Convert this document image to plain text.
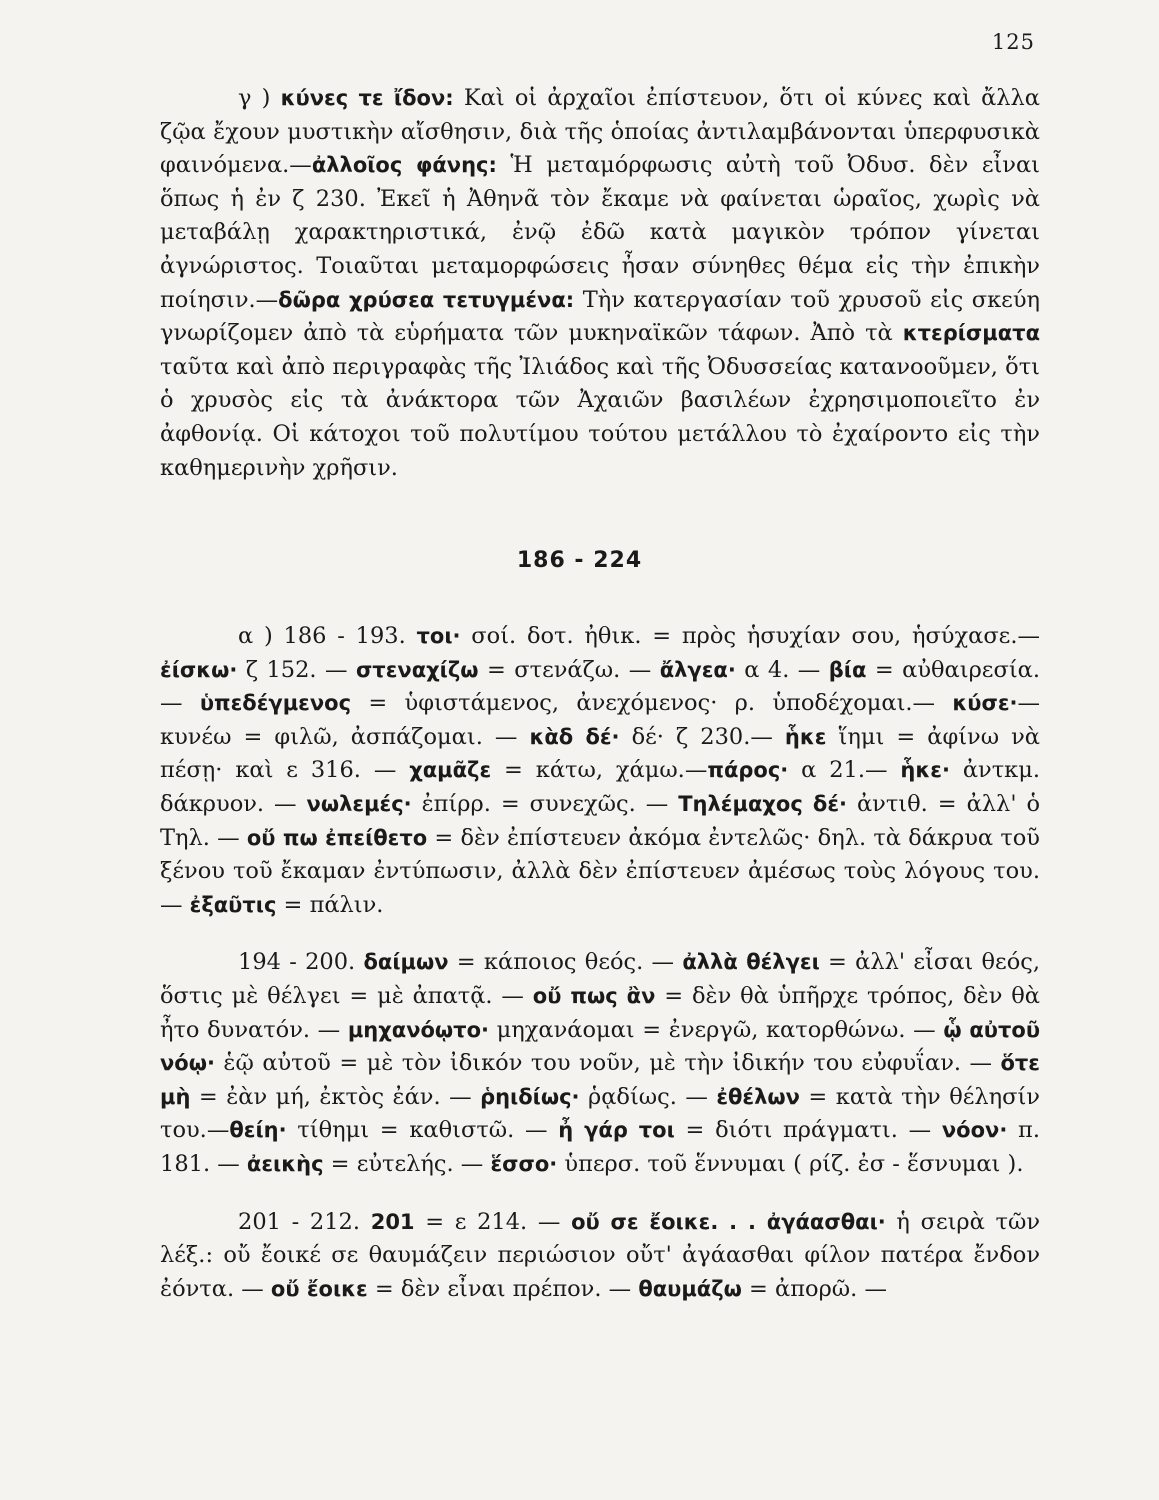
125

γ ) κύνες τε ἴδον: Καὶ οἱ ἀρχαῖοι ἐπίστευον, ὅτι οἱ κύνες καὶ ἄλλα ζῷα ἔχουν μυστικὴν αἴσθησιν, διὰ τῆς ὁποίας ἀντιλαμβάνονται ὑπερφυσικὰ φαινόμενα.—ἀλλοῖος φάνης: Ἡ μεταμόρφωσις αὐτὴ τοῦ Ὀδυσ. δὲν εἶναι ὅπως ἡ ἐν ζ 230. Ἐκεῖ ἡ Ἀθηνᾶ τὸν ἔκαμε νὰ φαίνεται ὡραῖος, χωρὶς νὰ μεταβάλῃ χαρακτηριστικά, ἐνῷ ἐδῶ κατὰ μαγικὸν τρόπον γίνεται ἀγνώριστος. Τοιαῦται μεταμορφώσεις ἦσαν σύνηθες θέμα εἰς τὴν ἐπικὴν ποίησιν.—δῶρα χρύσεα τετυγμένα: Τὴν κατεργασίαν τοῦ χρυσοῦ εἰς σκεύη γνωρίζομεν ἀπὸ τὰ εὑρήματα τῶν μυκηναϊκῶν τάφων. Ἀπὸ τὰ κτερίσματα ταῦτα καὶ ἀπὸ περιγραφὰς τῆς Ἰλιάδος καὶ τῆς Ὀδυσσείας κατανοοῦμεν, ὅτι ὁ χρυσὸς εἰς τὰ ἀνάκτορα τῶν Ἀχαιῶν βασιλέων ἐχρησιμοποιεῖτο ἐν ἀφθονίᾳ. Οἱ κάτοχοι τοῦ πολυτίμου τούτου μετάλλου τὸ ἐχαίροντο εἰς τὴν καθημερινὴν χρῆσιν.

186 - 224

α ) 186 - 193. τοι· σοί. δοτ. ἠθικ. = πρὸς ἡσυχίαν σου, ἡσύχασε.— ἐίσκω· ζ 152. — στεναχίζω = στενάζω. — ἄλγεα· α 4. — βία = αὐθαιρεσία. — ὑπεδέγμενος = ὑφιστάμενος, ἀνεχόμενος· ρ. ὑποδέχομαι.— κύσε·—κυνέω = φιλῶ, ἀσπάζομαι. — κὰδ δέ· δέ· ζ 230.— ἧκε ἵημι = ἀφίνω νὰ πέσῃ· καὶ ε 316. — χαμᾶζε = κάτω, χάμω.—πάρος· α 21.— ἧκε· ἀντκμ. δάκρυον. — νωλεμές· ἐπίρρ. = συνεχῶς. — Τηλέμαχος δέ· ἀντιθ. = ἀλλ' ὁ Τηλ. — οὔ πω ἐπείθετο = δὲν ἐπίστευεν ἀκόμα ἐντελῶς· δηλ. τὰ δάκρυα τοῦ ξένου τοῦ ἔκαμαν ἐντύπωσιν, ἀλλὰ δὲν ἐπίστευεν ἀμέσως τοὺς λόγους του. — ἐξαῦτις = πάλιν.

194 - 200. δαίμων = κάποιος θεός. — ἀλλὰ θέλγει = ἀλλ' εἶσαι θεός, ὅστις μὲ θέλγει = μὲ ἀπατᾷ. — οὔ πως ἂν = δὲν θὰ ὑπῆρχε τρόπος, δὲν θὰ ἦτο δυνατόν. — μηχανόῳτο· μηχανάομαι = ἐνεργῶ, κατορθώνω. — ᾧ αὐτοῦ νόῳ· ἑῷ αὐτοῦ = μὲ τὸν ἰδικόν του νοῦν, μὲ τὴν ἰδικήν του εὐφυΐαν. — ὅτε μὴ = ἐὰν μή, ἐκτὸς ἐάν. — ῥηιδίως· ῥᾳδίως. — ἐθέλων = κατὰ τὴν θέλησίν του.—θείη· τίθημι = καθιστῶ. — ἦ γάρ τοι = διότι πράγματι. — νόον· π. 181. — ἀεικὴς = εὐτελής. — ἕσσο· ὑπερσ. τοῦ ἕννυμαι ( ρίζ. ἐσ - ἕσνυμαι ).

201 - 212. 201 = ε 214. — οὔ σε ἔοικε. . . ἀγάασθαι· ἡ σειρὰ τῶν λέξ.: οὔ ἔοικέ σε θαυμάζειν περιώσιον οὔτ' ἀγάασθαι φίλον πατέρα ἔνδον ἐόντα. — οὔ ἔοικε = δὲν εἶναι πρέπον. — θαυμάζω = ἀπορῶ. —
